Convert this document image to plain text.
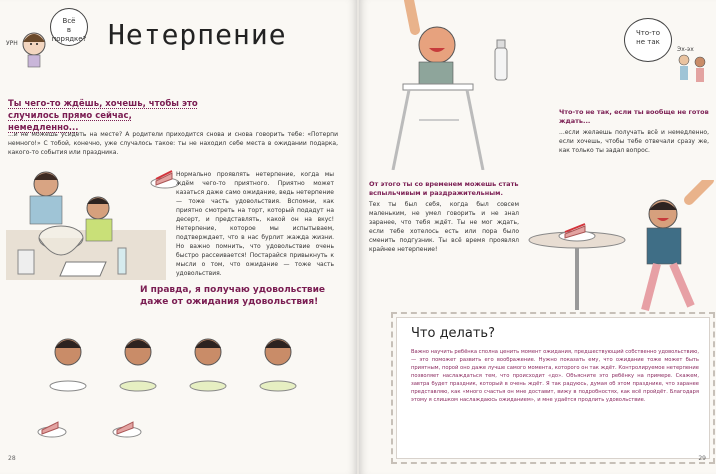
УРН
Всё
в порядке? Нетерпение
Ты чего-то ждёшь, хочешь, чтобы это случилось прямо сейчас, немедленно...
...и не можешь усидеть на месте? А родители приходится снова и снова говорить тебе: «Потерпи немного!» С тобой, конечно, уже случалось такое: ты не находил себе места в ожидании подарка, какого-то события или праздника.
Нормально проявлять нетерпение, когда мы ждём чего-то приятного. Приятно может казаться даже само ожидание, ведь нетерпение — тоже часть удовольствия. Вспомни, как приятно смотреть на торт, который подадут на десерт, и представлять, какой он на вкус! Нетерпение, которое мы испытываем, подтверждает, что в нас бурлит жажда жизни. Но важно помнить, что удовольствие очень быстро рассеивается! Постарайся привыкнуть к мысли о том, что ожидание — тоже часть удовольствия.
И правда, я получаю удовольствие даже от ожидания удовольствия!
28
Что-то
не так
Эх-эх
Что-то не так, если ты вообще не готов ждать...
...если желаешь получать всё и немедленно, если хочешь, чтобы тебе отвечали сразу же, как только ты задал вопрос.
От этого ты со временем можешь стать вспыльчивым и раздражительным.
Тех ты был себя, когда был совсем маленьким, не умел говорить и не знал заранее, что тебя ждёт. Ты не мог ждать, если тебе хотелось есть или пора было сменить подгузник. Ты всё время проявлял крайнее нетерпение!
Что делать?
Важно научить ребёнка сполна ценить момент ожидания, предшествующий собственно удовольствию, — это поможет развить его воображение. Нужно показать ему, что ожидание тоже может быть приятным, порой оно даже лучше самого момента, которого он так ждёт. Контролируемое нетерпение позволяет наслаждаться тем, что происходит «до». Объясните это ребёнку на примере. Скажем, завтра будет праздник, который в очень ждёт. Я так радуюсь, думая об этом празднике, что заранее представляю, как «много счастья он мне доставит, вижу в подробностях, как всё пройдёт. Благодаря этому я слишком наслаждаюсь ожиданием», и мне удаётся продлить удовольствие.
29
